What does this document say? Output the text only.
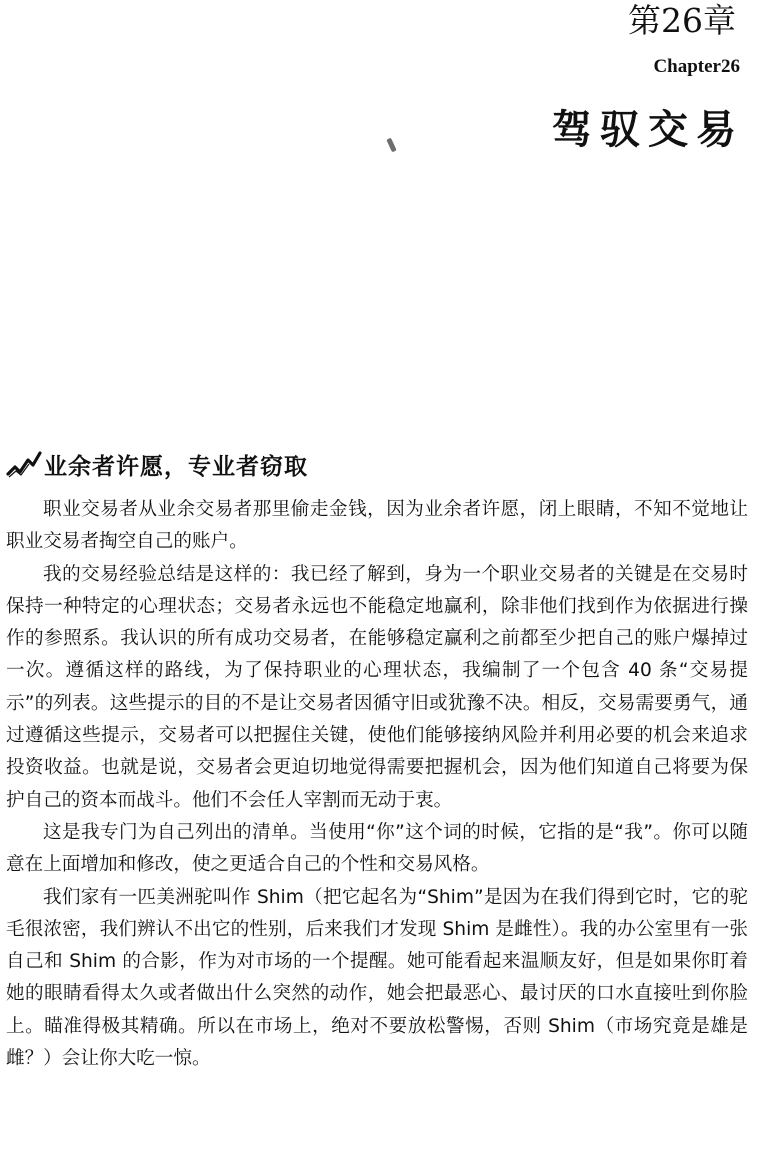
第26章
Chapter26
驾驭交易
业余者许愿，专业者窃取

职业交易者从业余交易者那里偷走金钱，因为业余者许愿，闭上眼睛，不知不觉地让职业交易者掏空自己的账户。

我的交易经验总结是这样的：我已经了解到，身为一个职业交易者的关键是在交易时保持一种特定的心理状态；交易者永远也不能稳定地赢利，除非他们找到作为依据进行操作的参照系。我认识的所有成功交易者，在能够稳定赢利之前都至少把自己的账户爆掉过一次。遵循这样的路线，为了保持职业的心理状态，我编制了一个包含 40 条“交易提示”的列表。这些提示的目的不是让交易者因循守旧或犹豫不决。相反，交易需要勇气，通过遵循这些提示，交易者可以把握住关键，使他们能够接纳风险并利用必要的机会来追求投资收益。也就是说，交易者会更迫切地觉得需要把握机会，因为他们知道自己将要为保护自己的资本而战斗。他们不会任人宰割而无动于衷。

这是我专门为自己列出的清单。当使用“你”这个词的时候，它指的是“我”。你可以随意在上面增加和修改，使之更适合自己的个性和交易风格。

我们家有一匹美洲驼叫作 Shim（把它起名为“Shim”是因为在我们得到它时，它的驼毛很浓密，我们辨认不出它的性别，后来我们才发现 Shim 是雌性）。我的办公室里有一张自己和 Shim 的合影，作为对市场的一个提醒。她可能看起来温顺友好，但是如果你盯着她的眼睛看得太久或者做出什么突然的动作，她会把最恶心、最讨厌的口水直接吐到你脸上。瞄准得极其精确。所以在市场上，绝对不要放松警惕，否则 Shim（市场究竟是雄是雌？）会让你大吃一惊。
